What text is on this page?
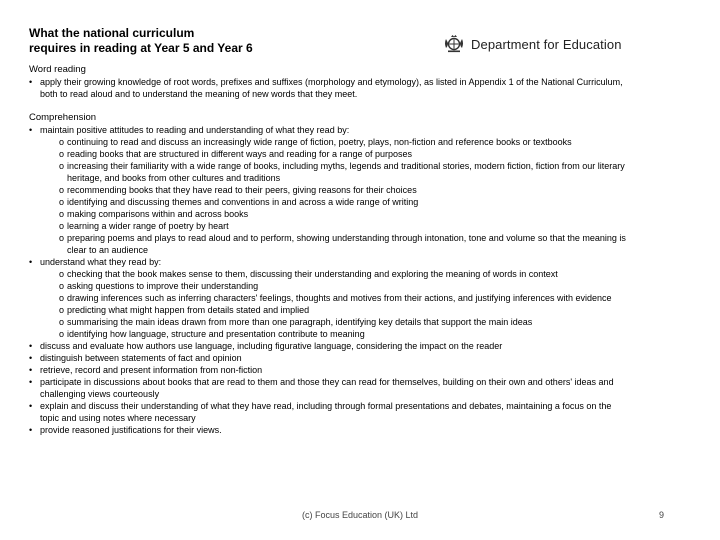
What the national curriculum
requires in reading at Year 5 and Year 6	Department for Education
Word reading
• apply their growing knowledge of root words, prefixes and suffixes (morphology and etymology), as listed in Appendix 1 of the National Curriculum, both to read aloud and to understand the meaning of new words that they meet.
Comprehension
• maintain positive attitudes to reading and understanding of what they read by:
o continuing to read and discuss an increasingly wide range of fiction, poetry, plays, non-fiction and reference books or textbooks
o reading books that are structured in different ways and reading for a range of purposes
o increasing their familiarity with a wide range of books, including myths, legends and traditional stories, modern fiction, fiction from our literary heritage, and books from other cultures and traditions
o recommending books that they have read to their peers, giving reasons for their choices
o identifying and discussing themes and conventions in and across a wide range of writing
o making comparisons within and across books
o learning a wider range of poetry by heart
o preparing poems and plays to read aloud and to perform, showing understanding through intonation, tone and volume so that the meaning is clear to an audience
• understand what they read by:
o checking that the book makes sense to them, discussing their understanding and exploring the meaning of words in context
o asking questions to improve their understanding
o drawing inferences such as inferring characters' feelings, thoughts and motives from their actions, and justifying inferences with evidence
o predicting what might happen from details stated and implied
o summarising the main ideas drawn from more than one paragraph, identifying key details that support the main ideas
o identifying how language, structure and presentation contribute to meaning
• discuss and evaluate how authors use language, including figurative language, considering the impact on the reader
• distinguish between statements of fact and opinion
• retrieve, record and present information from non-fiction
• participate in discussions about books that are read to them and those they can read for themselves, building on their own and others' ideas and challenging views courteously
• explain and discuss their understanding of what they have read, including through formal presentations and debates, maintaining a focus on the topic and using notes where necessary
• provide reasoned justifications for their views.
(c) Focus Education (UK) Ltd	9
